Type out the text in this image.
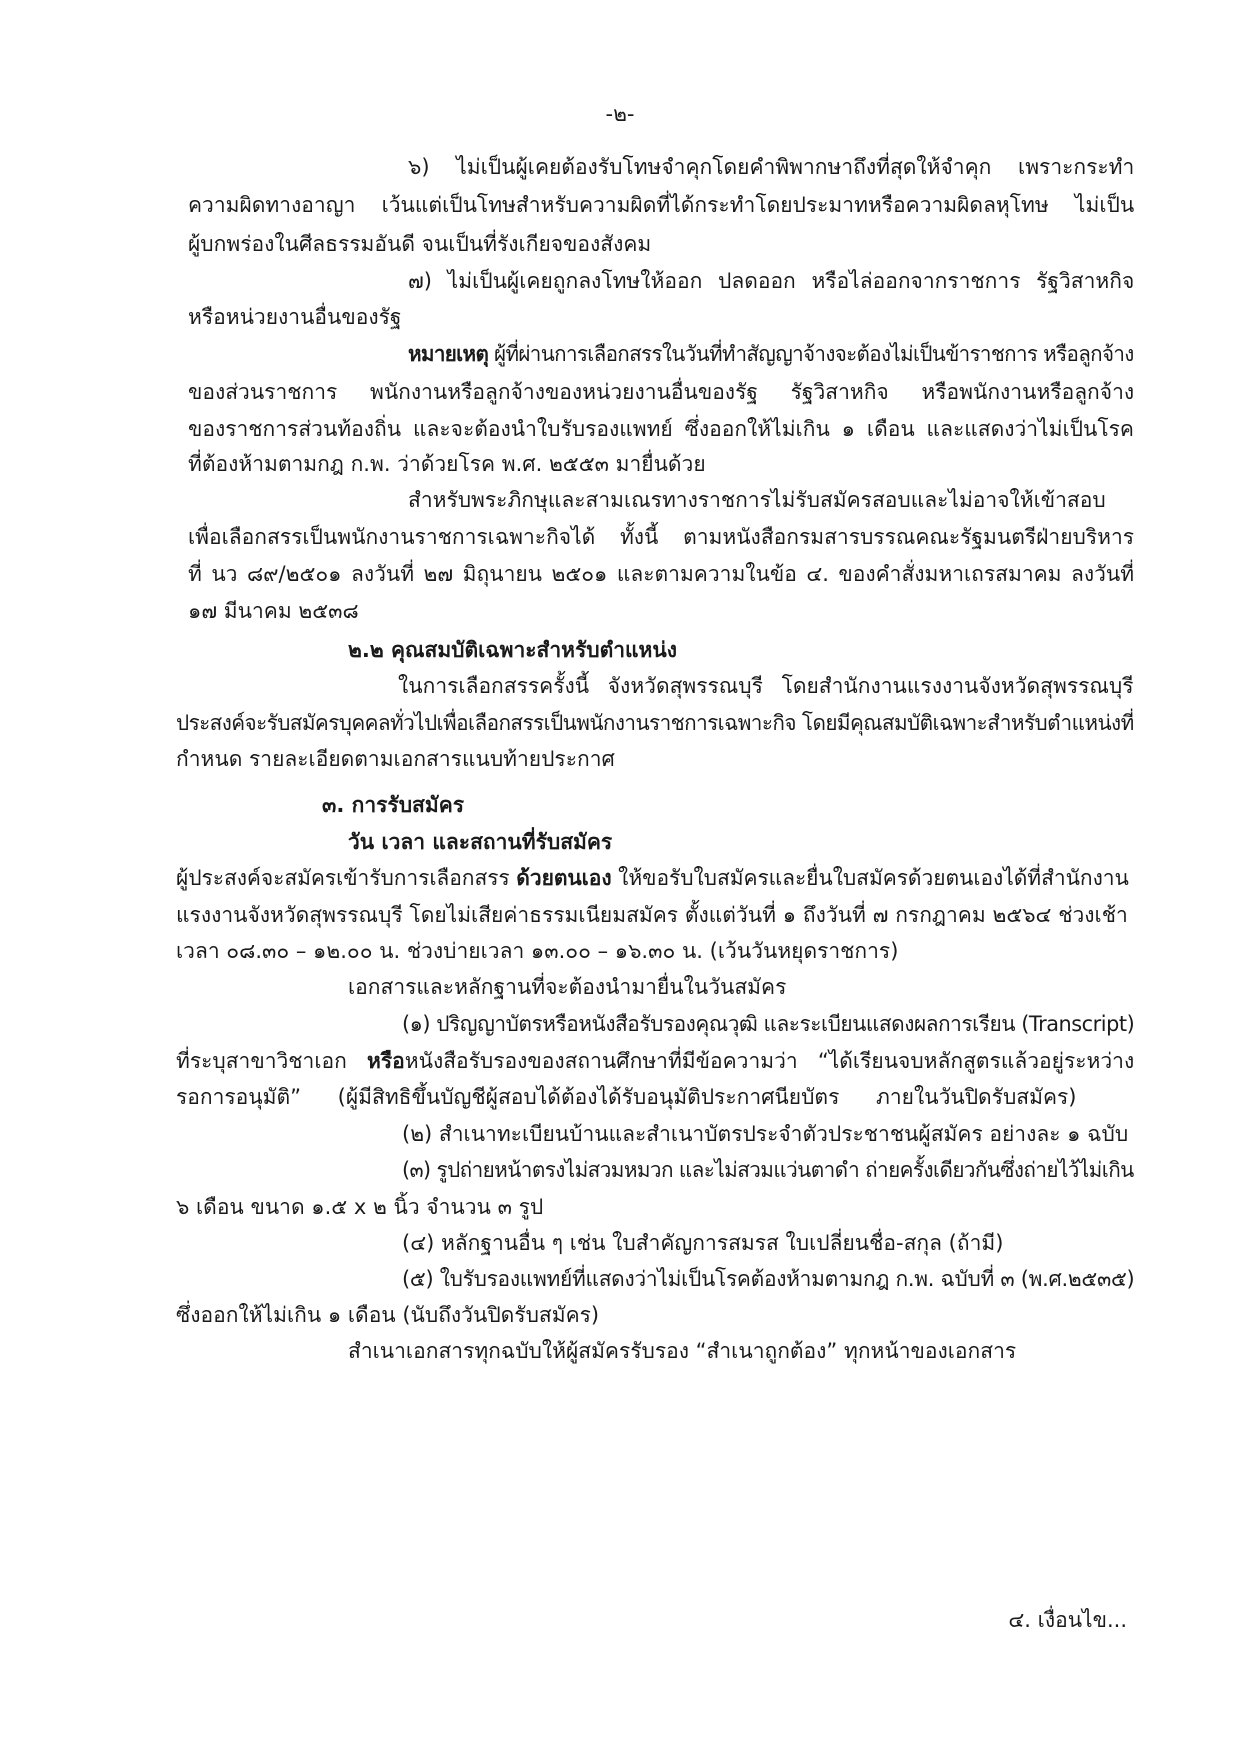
-๒-
๖) ไม่เป็นผู้เคยต้องรับโทษจำคุกโดยคำพิพากษาถึงที่สุดให้จำคุก เพราะกระทำ
ความผิดทางอาญา เว้นแต่เป็นโทษสำหรับความผิดที่ได้กระทำโดยประมาทหรือความผิดลหุโทษ ไม่เป็น
ผู้บกพร่องในศีลธรรมอันดี จนเป็นที่รังเกียจของสังคม
๗) ไม่เป็นผู้เคยถูกลงโทษให้ออก ปลดออก หรือไล่ออกจากราชการ รัฐวิสาหกิจ
หรือหน่วยงานอื่นของรัฐ
หมายเหตุ ผู้ที่ผ่านการเลือกสรรในวันที่ทำสัญญาจ้างจะต้องไม่เป็นข้าราชการ หรือลูกจ้าง
ของส่วนราชการ พนักงานหรือลูกจ้างของหน่วยงานอื่นของรัฐ รัฐวิสาหกิจ หรือพนักงานหรือลูกจ้าง
ของราชการส่วนท้องถิ่น และจะต้องนำใบรับรองแพทย์ ซึ่งออกให้ไม่เกิน ๑ เดือน และแสดงว่าไม่เป็นโรค
ที่ต้องห้ามตามกฎ ก.พ. ว่าด้วยโรค พ.ศ. ๒๕๕๓ มายื่นด้วย
สำหรับพระภิกษุและสามเณรทางราชการไม่รับสมัครสอบและไม่อาจให้เข้าสอบ
เพื่อเลือกสรรเป็นพนักงานราชการเฉพาะกิจได้ ทั้งนี้ ตามหนังสือกรมสารบรรณคณะรัฐมนตรีฝ่ายบริหาร
ที่ นว ๘๙/๒๕๐๑ ลงวันที่ ๒๗ มิถุนายน ๒๕๐๑ และตามความในข้อ ๔. ของคำสั่งมหาเถรสมาคม ลงวันที่
๑๗ มีนาคม ๒๕๓๘
๒.๒ คุณสมบัติเฉพาะสำหรับตำแหน่ง
ในการเลือกสรรครั้งนี้ จังหวัดสุพรรณบุรี โดยสำนักงานแรงงานจังหวัดสุพรรณบุรี
ประสงค์จะรับสมัครบุคคลทั่วไปเพื่อเลือกสรรเป็นพนักงานราชการเฉพาะกิจ โดยมีคุณสมบัติเฉพาะสำหรับตำแหน่งที่
กำหนด รายละเอียดตามเอกสารแนบท้ายประกาศ
๓. การรับสมัคร
วัน เวลา และสถานที่รับสมัคร
ผู้ประสงค์จะสมัครเข้ารับการเลือกสรร ด้วยตนเอง ให้ขอรับใบสมัครและยื่นใบสมัครด้วยตนเองได้ที่สำนักงาน
แรงงานจังหวัดสุพรรณบุรี โดยไม่เสียค่าธรรมเนียมสมัคร ตั้งแต่วันที่ ๑ ถึงวันที่ ๗ กรกฎาคม ๒๕๖๔ ช่วงเช้า
เวลา ๐๘.๓๐ – ๑๒.๐๐ น. ช่วงบ่ายเวลา ๑๓.๐๐ – ๑๖.๓๐ น. (เว้นวันหยุดราชการ)
เอกสารและหลักฐานที่จะต้องนำมายื่นในวันสมัคร
(๑) ปริญญาบัตรหรือหนังสือรับรองคุณวุฒิ และระเบียนแสดงผลการเรียน (Transcript)
ที่ระบุสาขาวิชาเอก หรือหนังสือรับรองของสถานศึกษาที่มีข้อความว่า “ได้เรียนจบหลักสูตรแล้วอยู่ระหว่าง
รอการอนุมัติ” (ผู้มีสิทธิขึ้นบัญชีผู้สอบได้ต้องได้รับอนุมัติประกาศนียบัตร ภายในวันปิดรับสมัคร)
(๒) สำเนาทะเบียนบ้านและสำเนาบัตรประจำตัวประชาชนผู้สมัคร อย่างละ ๑ ฉบับ
(๓) รูปถ่ายหน้าตรงไม่สวมหมวก และไม่สวมแว่นตาดำ ถ่ายครั้งเดียวกันซึ่งถ่ายไว้ไม่เกิน
๖ เดือน ขนาด ๑.๕ x ๒ นิ้ว จำนวน ๓ รูป
(๔) หลักฐานอื่น ๆ เช่น ใบสำคัญการสมรส ใบเปลี่ยนชื่อ-สกุล (ถ้ามี)
(๕) ใบรับรองแพทย์ที่แสดงว่าไม่เป็นโรคต้องห้ามตามกฎ ก.พ. ฉบับที่ ๓ (พ.ศ.๒๕๓๕)
ซึ่งออกให้ไม่เกิน ๑ เดือน (นับถึงวันปิดรับสมัคร)
สำเนาเอกสารทุกฉบับให้ผู้สมัครรับรอง “สำเนาถูกต้อง” ทุกหน้าของเอกสาร
๔. เงื่อนไข...
